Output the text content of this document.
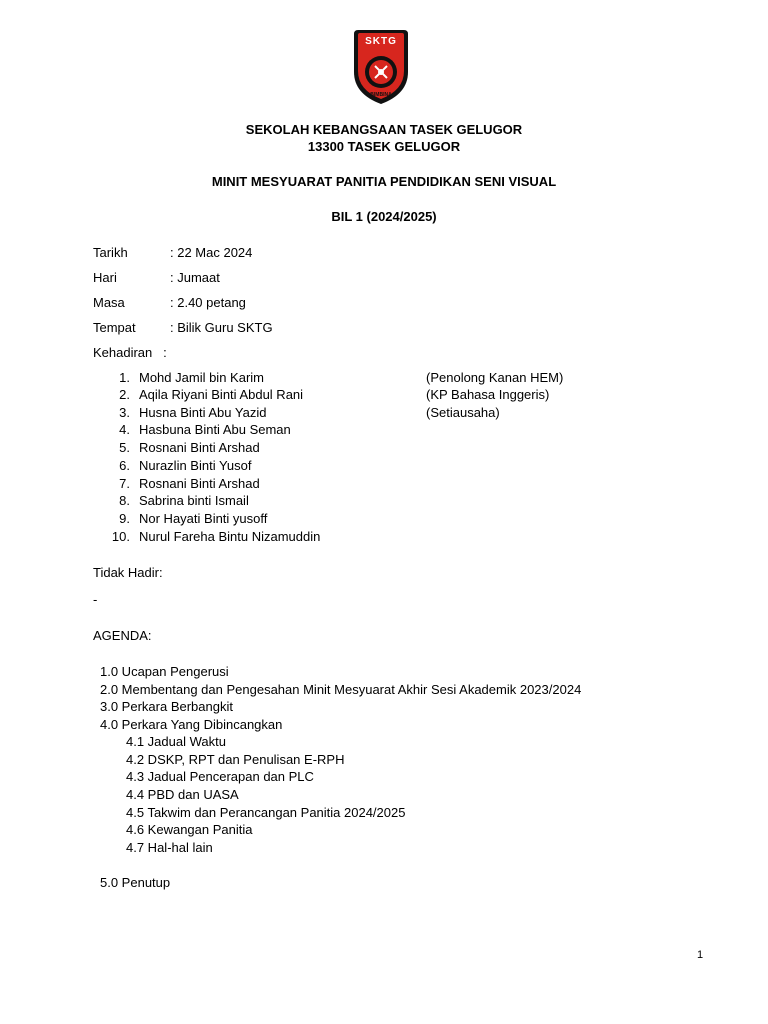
SKTG
BIMBINA
SEKOLAH KEBANGSAAN TASEK GELUGOR
13300 TASEK GELUGOR
MINIT MESYUARAT PANITIA PENDIDIKAN SENI VISUAL
BIL 1 (2024/2025)
Tarikh	: 22 Mac 2024
Hari	: Jumaat
Masa	: 2.40 petang
Tempat	: Bilik Guru SKTG
Kehadiran   :
1. Mohd Jamil bin Karim	(Penolong Kanan HEM)
2. Aqila Riyani Binti Abdul Rani	(KP Bahasa Inggeris)
3. Husna Binti Abu Yazid	(Setiausaha)
4. Hasbuna Binti Abu Seman
5. Rosnani Binti Arshad
6. Nurazlin Binti Yusof
7. Rosnani Binti Arshad
8. Sabrina binti Ismail
9. Nor Hayati Binti yusoff
10. Nurul Fareha Bintu Nizamuddin
Tidak Hadir:
-
AGENDA:
1.0 Ucapan Pengerusi
2.0 Membentang dan Pengesahan Minit Mesyuarat Akhir Sesi Akademik 2023/2024
3.0 Perkara Berbangkit
4.0 Perkara Yang Dibincangkan
4.1 Jadual Waktu
4.2 DSKP, RPT dan Penulisan E-RPH
4.3 Jadual Pencerapan dan PLC
4.4 PBD dan UASA
4.5 Takwim dan Perancangan Panitia 2024/2025
4.6 Kewangan Panitia
4.7 Hal-hal lain
5.0 Penutup
1
